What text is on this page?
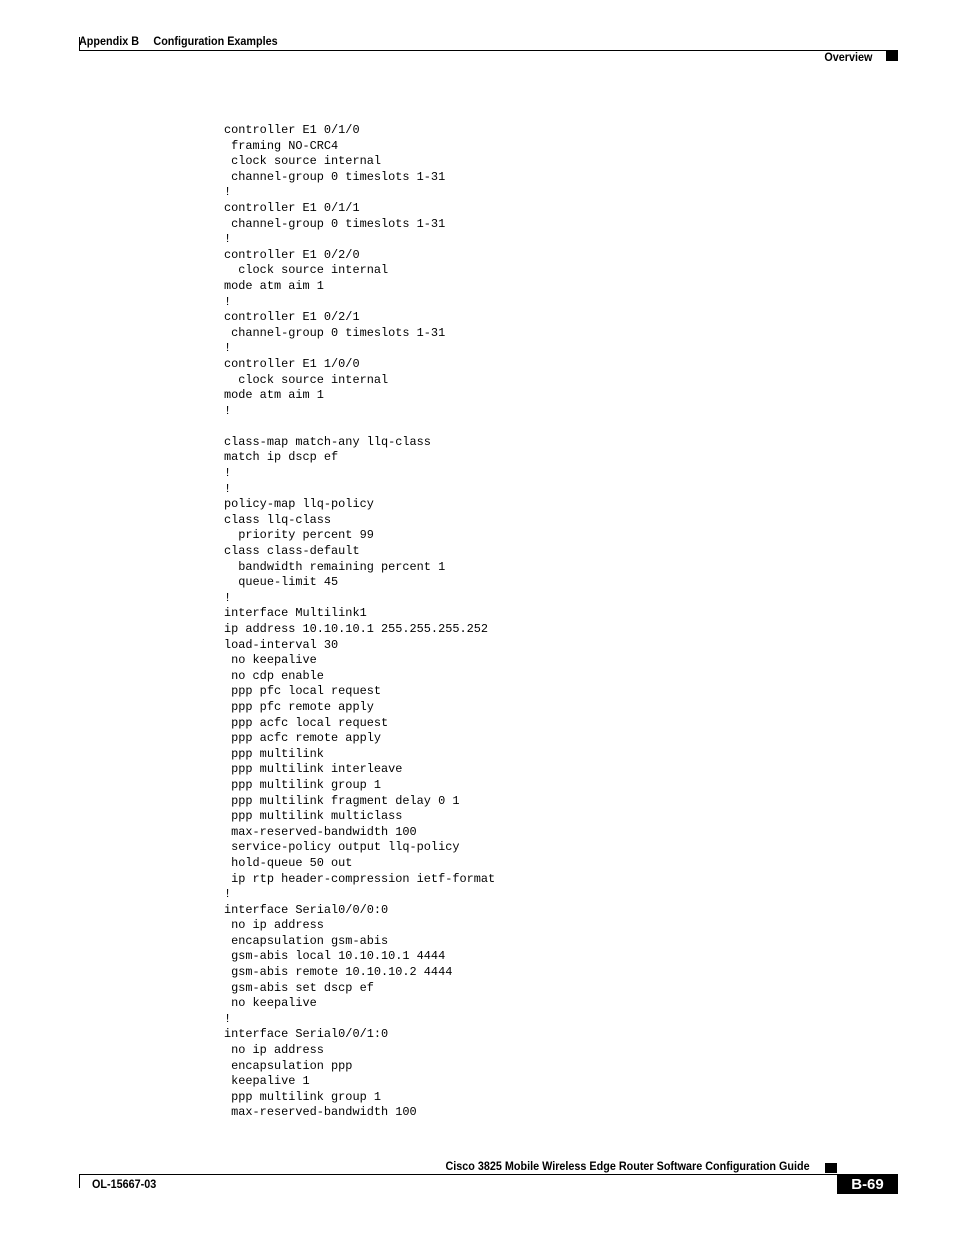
Appendix B Configuration Examples
Overview
controller E1 0/1/0
framing NO-CRC4
clock source internal
channel-group 0 timeslots 1-31
!
controller E1 0/1/1
channel-group 0 timeslots 1-31
!
controller E1 0/2/0
clock source internal
mode atm aim 1
!
controller E1 0/2/1
channel-group 0 timeslots 1-31
!
controller E1 1/0/0
clock source internal
mode atm aim 1
!
class-map match-any llq-class
match ip dscp ef
!
!
policy-map llq-policy
class llq-class
priority percent 99
class class-default
bandwidth remaining percent 1
queue-limit 45
!
interface Multilink1
ip address 10.10.10.1 255.255.255.252
load-interval 30
no keepalive
no cdp enable
ppp pfc local request
ppp pfc remote apply
ppp acfc local request
ppp acfc remote apply
ppp multilink
ppp multilink interleave
ppp multilink group 1
ppp multilink fragment delay 0 1
ppp multilink multiclass
max-reserved-bandwidth 100
service-policy output llq-policy
hold-queue 50 out
ip rtp header-compression ietf-format
!
interface Serial0/0/0:0
no ip address
encapsulation gsm-abis
gsm-abis local 10.10.10.1 4444
gsm-abis remote 10.10.10.2 4444
gsm-abis set dscp ef
no keepalive
!
interface Serial0/0/1:0
no ip address
encapsulation ppp
keepalive 1
ppp multilink group 1
max-reserved-bandwidth 100
Cisco 3825 Mobile Wireless Edge Router Software Configuration Guide
OL-15667-03	B-69
